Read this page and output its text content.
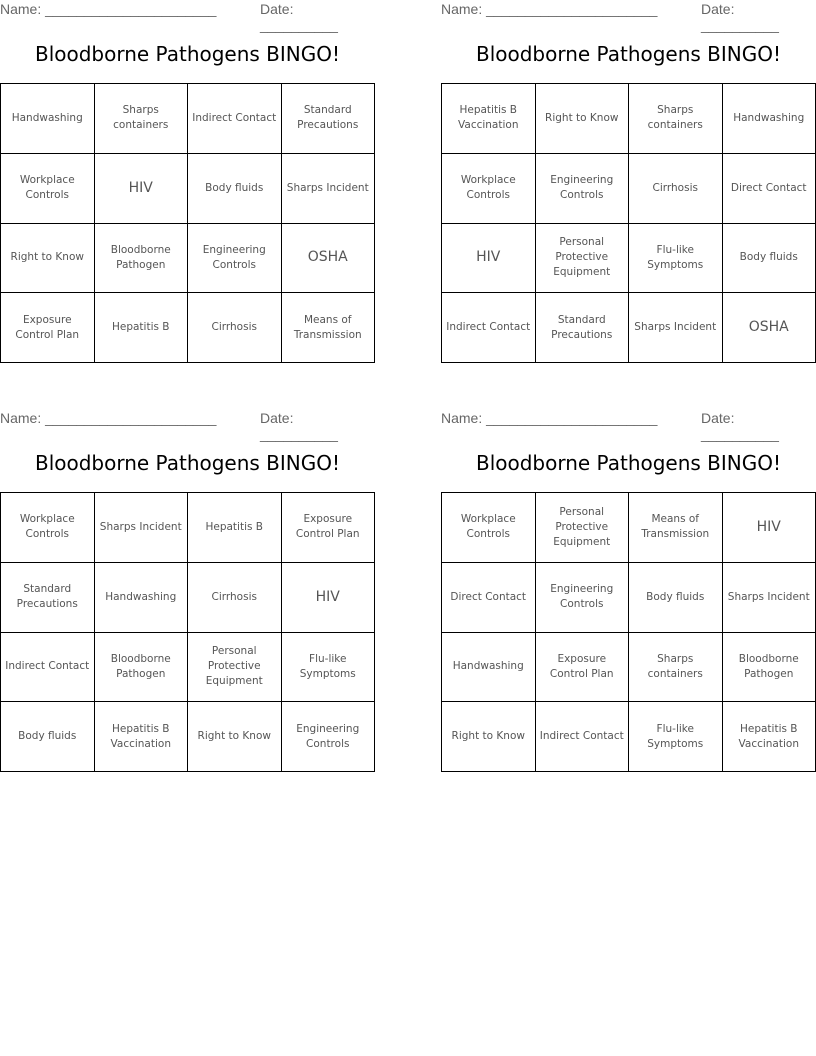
Name: ______________________	Date: __________
Bloodborne Pathogens BINGO!
Handwashing	Sharps containers	Indirect Contact	Standard Precautions
Workplace Controls	HIV	Body fluids	Sharps Incident
Right to Know	Bloodborne Pathogen	Engineering Controls	OSHA
Exposure Control Plan	Hepatitis B	Cirrhosis	Means of Transmission
Name: ______________________	Date: __________
Bloodborne Pathogens BINGO!
Hepatitis B Vaccination	Right to Know	Sharps containers	Handwashing
Workplace Controls	Engineering Controls	Cirrhosis	Direct Contact
HIV	Personal Protective Equipment	Flu-like Symptoms	Body fluids
Indirect Contact	Standard Precautions	Sharps Incident	OSHA
Name: ______________________	Date: __________
Bloodborne Pathogens BINGO!
Workplace Controls	Sharps Incident	Hepatitis B	Exposure Control Plan
Standard Precautions	Handwashing	Cirrhosis	HIV
Indirect Contact	Bloodborne Pathogen	Personal Protective Equipment	Flu-like Symptoms
Body fluids	Hepatitis B Vaccination	Right to Know	Engineering Controls
Name: ______________________	Date: __________
Bloodborne Pathogens BINGO!
Workplace Controls	Personal Protective Equipment	Means of Transmission	HIV
Direct Contact	Engineering Controls	Body fluids	Sharps Incident
Handwashing	Exposure Control Plan	Sharps containers	Bloodborne Pathogen
Right to Know	Indirect Contact	Flu-like Symptoms	Hepatitis B Vaccination
